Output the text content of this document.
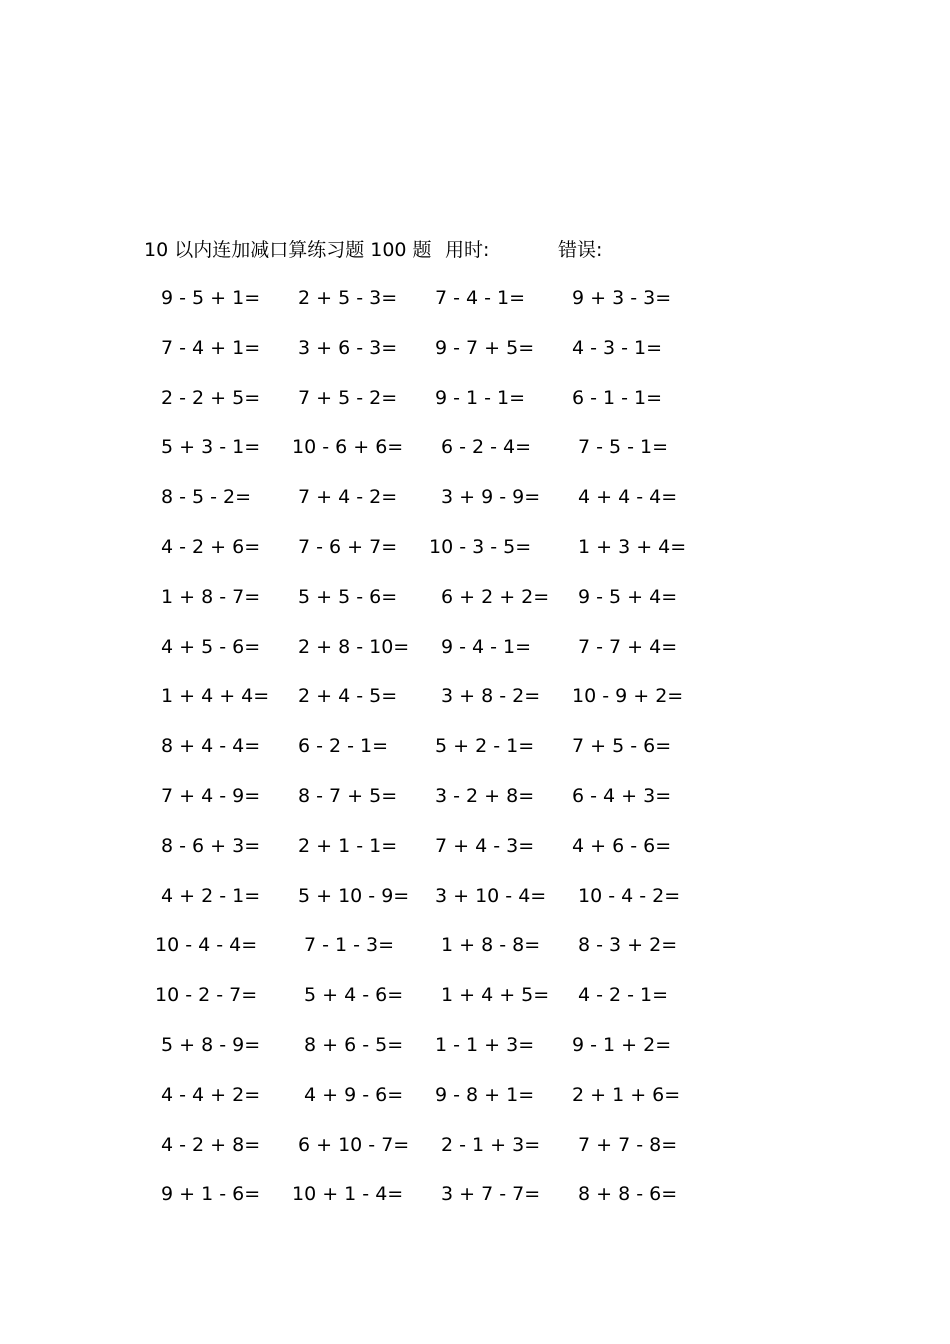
10 以内连加减口算练习题 100 题 用时:	错误:
9 - 5 + 1= 2 + 5 - 3= 7 - 4 - 1= 9 + 3 - 3=
7 - 4 + 1= 3 + 6 - 3= 9 - 7 + 5= 4 - 3 - 1=
2 - 2 + 5= 7 + 5 - 2= 9 - 1 - 1= 6 - 1 - 1=
5 + 3 - 1= 10 - 6 + 6= 6 - 2 - 4= 7 - 5 - 1=
8 - 5 - 2= 7 + 4 - 2= 3 + 9 - 9= 4 + 4 - 4=
4 - 2 + 6= 7 - 6 + 7= 10 - 3 - 5= 1 + 3 + 4=
1 + 8 - 7= 5 + 5 - 6= 6 + 2 + 2= 9 - 5 + 4=
4 + 5 - 6= 2 + 8 - 10= 9 - 4 - 1= 7 - 7 + 4=
1 + 4 + 4= 2 + 4 - 5= 3 + 8 - 2= 10 - 9 + 2=
8 + 4 - 4= 6 - 2 - 1= 5 + 2 - 1= 7 + 5 - 6=
7 + 4 - 9= 8 - 7 + 5= 3 - 2 + 8= 6 - 4 + 3=
8 - 6 + 3= 2 + 1 - 1= 7 + 4 - 3= 4 + 6 - 6=
4 + 2 - 1= 5 + 10 - 9= 3 + 10 - 4= 10 - 4 - 2=
10 - 4 - 4= 7 - 1 - 3= 1 + 8 - 8= 8 - 3 + 2=
10 - 2 - 7= 5 + 4 - 6= 1 + 4 + 5= 4 - 2 - 1=
5 + 8 - 9= 8 + 6 - 5= 1 - 1 + 3= 9 - 1 + 2=
4 - 4 + 2= 4 + 9 - 6= 9 - 8 + 1= 2 + 1 + 6=
4 - 2 + 8= 6 + 10 - 7= 2 - 1 + 3= 7 + 7 - 8=
9 + 1 - 6= 10 + 1 - 4= 3 + 7 - 7= 8 + 8 - 6=
